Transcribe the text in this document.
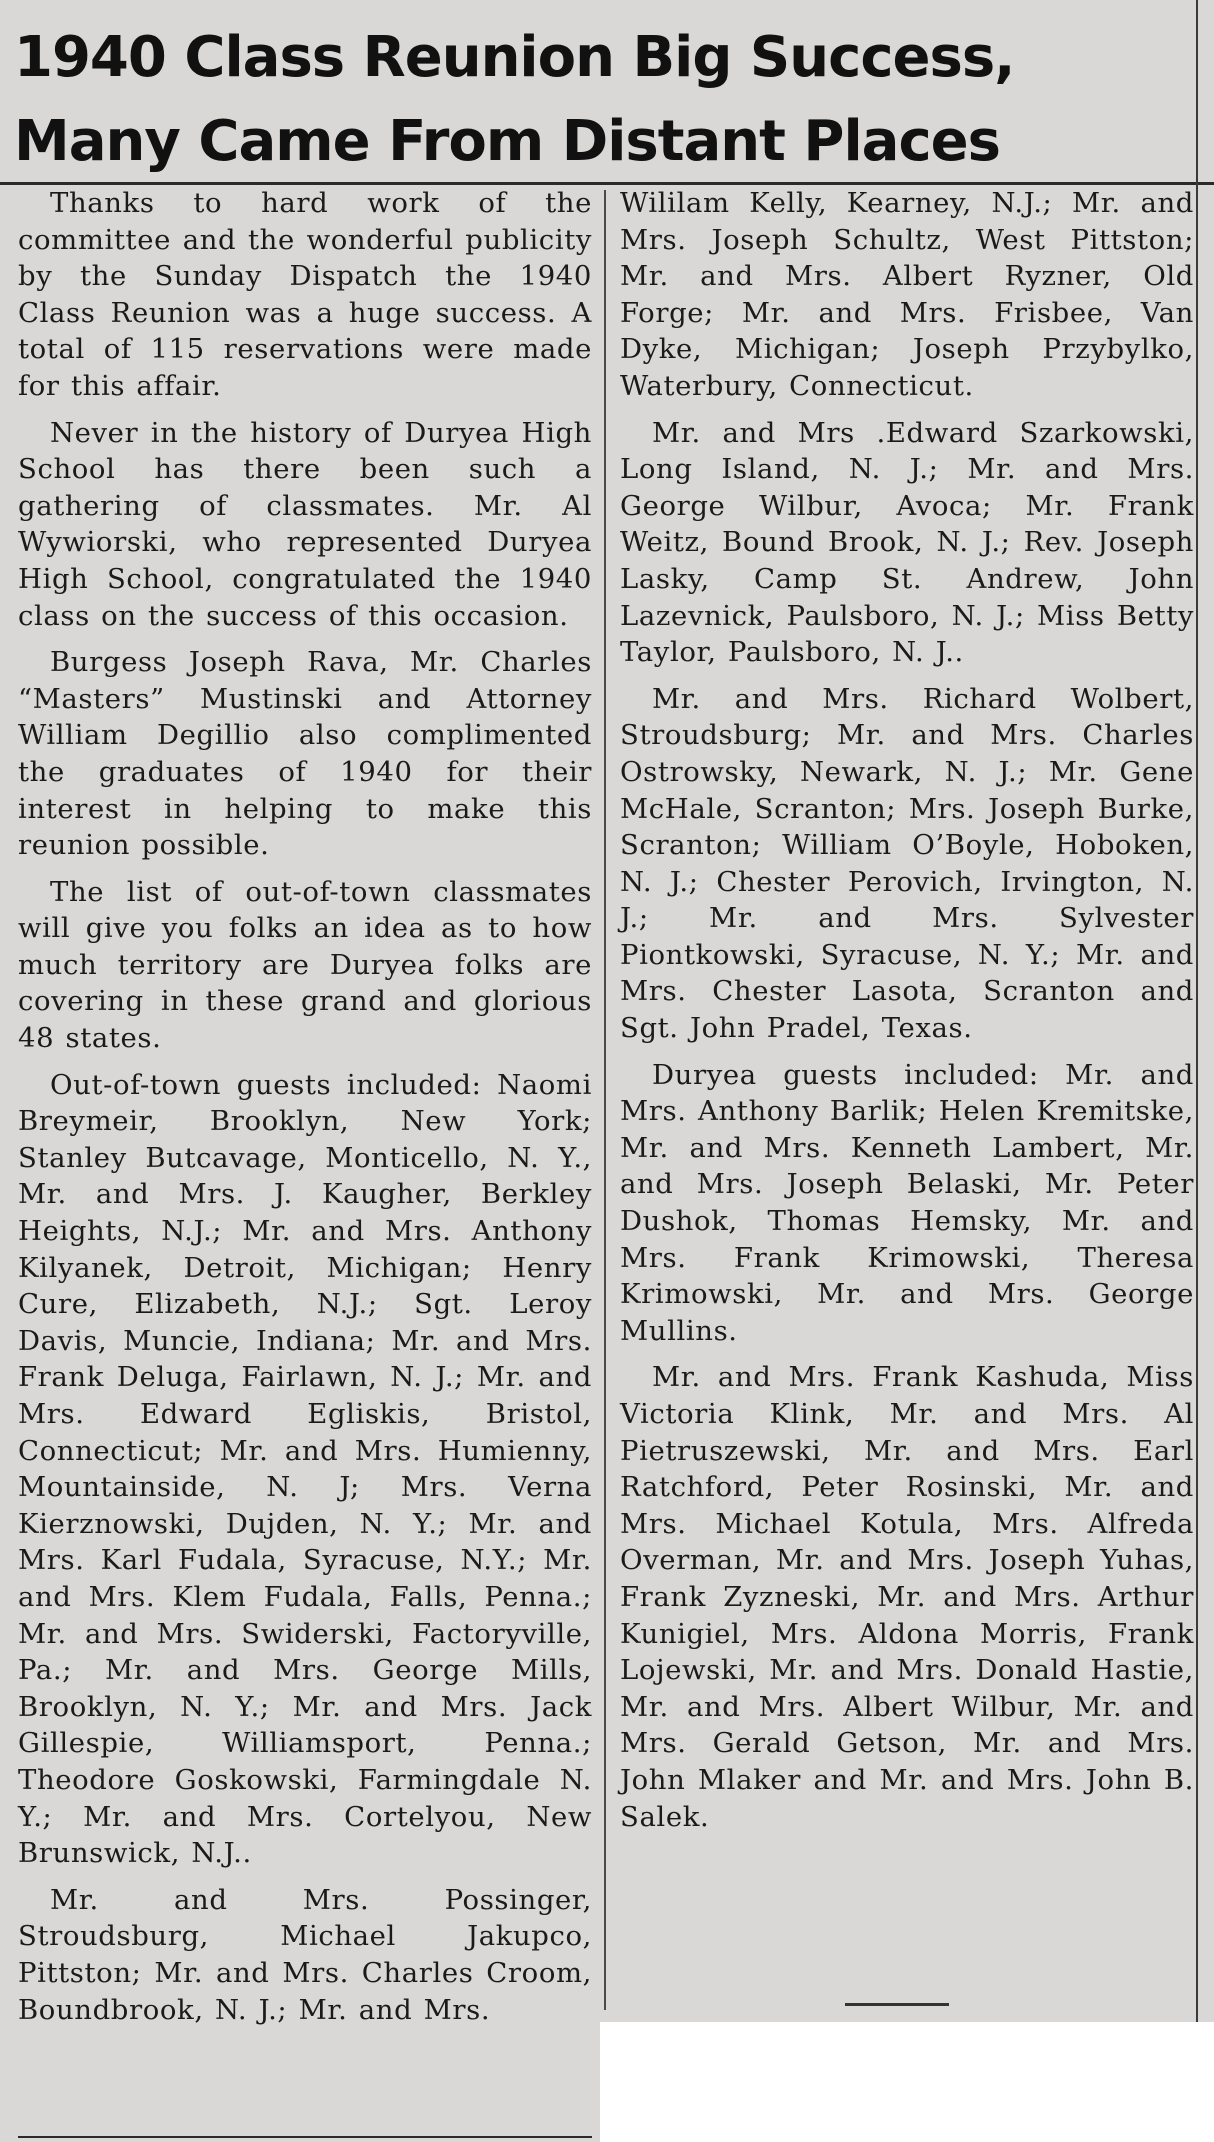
1940 Class Reunion Big Success,
Many Came From Distant Places

Thanks to hard work of the committee and the wonderful publicity by the Sunday Dispatch the 1940 Class Reunion was a huge success. A total of 115 reservations were made for this affair.

Never in the history of Duryea High School has there been such a gathering of classmates. Mr. Al Wywiorski, who represented Duryea High School, congratulated the 1940 class on the success of this occasion.

Burgess Joseph Rava, Mr. Charles “Masters” Mustinski and Attorney William Degillio also complimented the graduates of 1940 for their interest in helping to make this reunion possible.

The list of out-of-town classmates will give you folks an idea as to how much territory are Duryea folks are covering in these grand and glorious 48 states.

Out-of-town guests included: Naomi Breymeir, Brooklyn, New York; Stanley Butcavage, Monticello, N. Y., Mr. and Mrs. J. Kaugher, Berkley Heights, N.J.; Mr. and Mrs. Anthony Kilyanek, Detroit, Michigan; Henry Cure, Elizabeth, N.J.; Sgt. Leroy Davis, Muncie, Indiana; Mr. and Mrs. Frank Deluga, Fairlawn, N. J.; Mr. and Mrs. Edward Egliskis, Bristol, Connecticut; Mr. and Mrs. Humienny, Mountainside, N. J; Mrs. Verna Kierznowski, Dujden, N. Y.; Mr. and Mrs. Karl Fudala, Syracuse, N.Y.; Mr. and Mrs. Klem Fudala, Falls, Penna.; Mr. and Mrs. Swiderski, Factoryville, Pa.; Mr. and Mrs. George Mills, Brooklyn, N. Y.; Mr. and Mrs. Jack Gillespie, Williamsport, Penna.; Theodore Goskowski, Farmingdale N. Y.; Mr. and Mrs. Cortelyou, New Brunswick, N.J..

Mr. and Mrs. Possinger, Stroudsburg, Michael Jakupco, Pittston; Mr. and Mrs. Charles Croom, Boundbrook, N. J.; Mr. and Mrs.

Wililam Kelly, Kearney, N.J.; Mr. and Mrs. Joseph Schultz, West Pittston; Mr. and Mrs. Albert Ryzner, Old Forge; Mr. and Mrs. Frisbee, Van Dyke, Michigan; Joseph Przybylko, Waterbury, Connecticut.

Mr. and Mrs .Edward Szarkowski, Long Island, N. J.; Mr. and Mrs. George Wilbur, Avoca; Mr. Frank Weitz, Bound Brook, N. J.; Rev. Joseph Lasky, Camp St. Andrew, John Lazevnick, Paulsboro, N. J.; Miss Betty Taylor, Paulsboro, N. J..

Mr. and Mrs. Richard Wolbert, Stroudsburg; Mr. and Mrs. Charles Ostrowsky, Newark, N. J.; Mr. Gene McHale, Scranton; Mrs. Joseph Burke, Scranton; William O’Boyle, Hoboken, N. J.; Chester Perovich, Irvington, N. J.; Mr. and Mrs. Sylvester Piontkowski, Syracuse, N. Y.; Mr. and Mrs. Chester Lasota, Scranton and Sgt. John Pradel, Texas.

Duryea guests included: Mr. and Mrs. Anthony Barlik; Helen Kremitske, Mr. and Mrs. Kenneth Lambert, Mr. and Mrs. Joseph Belaski, Mr. Peter Dushok, Thomas Hemsky, Mr. and Mrs. Frank Krimowski, Theresa Krimowski, Mr. and Mrs. George Mullins.

Mr. and Mrs. Frank Kashuda, Miss Victoria Klink, Mr. and Mrs. Al Pietruszewski, Mr. and Mrs. Earl Ratchford, Peter Rosinski, Mr. and Mrs. Michael Kotula, Mrs. Alfreda Overman, Mr. and Mrs. Joseph Yuhas, Frank Zyzneski, Mr. and Mrs. Arthur Kunigiel, Mrs. Aldona Morris, Frank Lojewski, Mr. and Mrs. Donald Hastie, Mr. and Mrs. Albert Wilbur, Mr. and Mrs. Gerald Getson, Mr. and Mrs. John Mlaker and Mr. and Mrs. John B. Salek.
